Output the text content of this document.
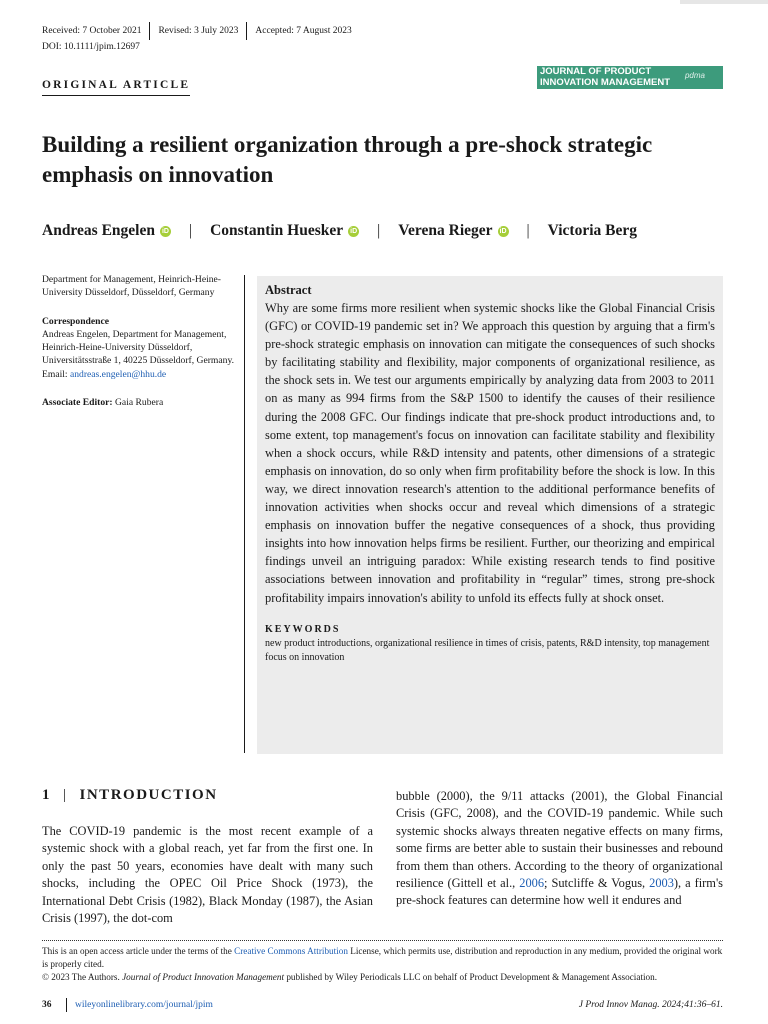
Received: 7 October 2021	Revised: 3 July 2023	Accepted: 7 August 2023
DOI: 10.1111/jpim.12697
ORIGINAL ARTICLE
JOURNAL OF PRODUCT
INNOVATION MANAGEMENT
pdma
Building a resilient organization through a pre-shock strategic emphasis on innovation
Andreas Engelen iD | Constantin Huesker iD | Verena Rieger iD | Victoria Berg

Department for Management, Heinrich-Heine-University Düsseldorf, Düsseldorf, Germany

Correspondence
Andreas Engelen, Department for Management, Heinrich-Heine-University Düsseldorf, Universitätsstraße 1, 40225 Düsseldorf, Germany.
Email: andreas.engelen@hhu.de

Associate Editor: Gaia Rubera

Abstract
Why are some firms more resilient when systemic shocks like the Global Financial Crisis (GFC) or COVID-19 pandemic set in? We approach this question by arguing that a firm's pre-shock strategic emphasis on innovation can mitigate the consequences of such shocks by facilitating stability and flexibility, major components of organizational resilience, as the shock sets in. We test our arguments empirically by analyzing data from 2003 to 2011 on as many as 994 firms from the S&P 1500 to identify the causes of their resilience during the 2008 GFC. Our findings indicate that pre-shock product introductions and, to some extent, top management's focus on innovation can facilitate stability and flexibility when a shock occurs, while R&D intensity and patents, other dimensions of a strategic emphasis on innovation, do so only when firm profitability before the shock is low. In this way, we direct innovation research's attention to the additional performance benefits of innovation activities when shocks occur and reveal which dimensions of a strategic emphasis on innovation buffer the negative consequences of a shock, thus providing insights into how innovation helps firms be resilient. Further, our theorizing and empirical findings unveil an intriguing paradox: While existing research tends to find positive associations between innovation and profitability in “regular” times, strong pre-shock profitability impairs innovation's ability to unfold its effects fully at shock onset.
KEYWORDS
new product introductions, organizational resilience in times of crisis, patents, R&D intensity, top management focus on innovation
1 | INTRODUCTION
The COVID-19 pandemic is the most recent example of a systemic shock with a global reach, yet far from the first one. In only the past 50 years, economies have dealt with many such shocks, including the OPEC Oil Price Shock (1973), the International Debt Crisis (1982), Black Monday (1987), the Asian Crisis (1997), the dot-com
bubble (2000), the 9/11 attacks (2001), the Global Financial Crisis (GFC, 2008), and the COVID-19 pandemic. While such systemic shocks always threaten negative effects on many firms, some firms are better able to sustain their businesses and rebound from them than others. According to the theory of organizational resilience (Gittell et al., 2006; Sutcliffe & Vogus, 2003), a firm's pre-shock features can determine how well it endures and
This is an open access article under the terms of the Creative Commons Attribution License, which permits use, distribution and reproduction in any medium, provided the original work is properly cited.
© 2023 The Authors. Journal of Product Innovation Management published by Wiley Periodicals LLC on behalf of Product Development & Management Association.
36	wileyonlinelibrary.com/journal/jpim	J Prod Innov Manag. 2024;41:36–61.
